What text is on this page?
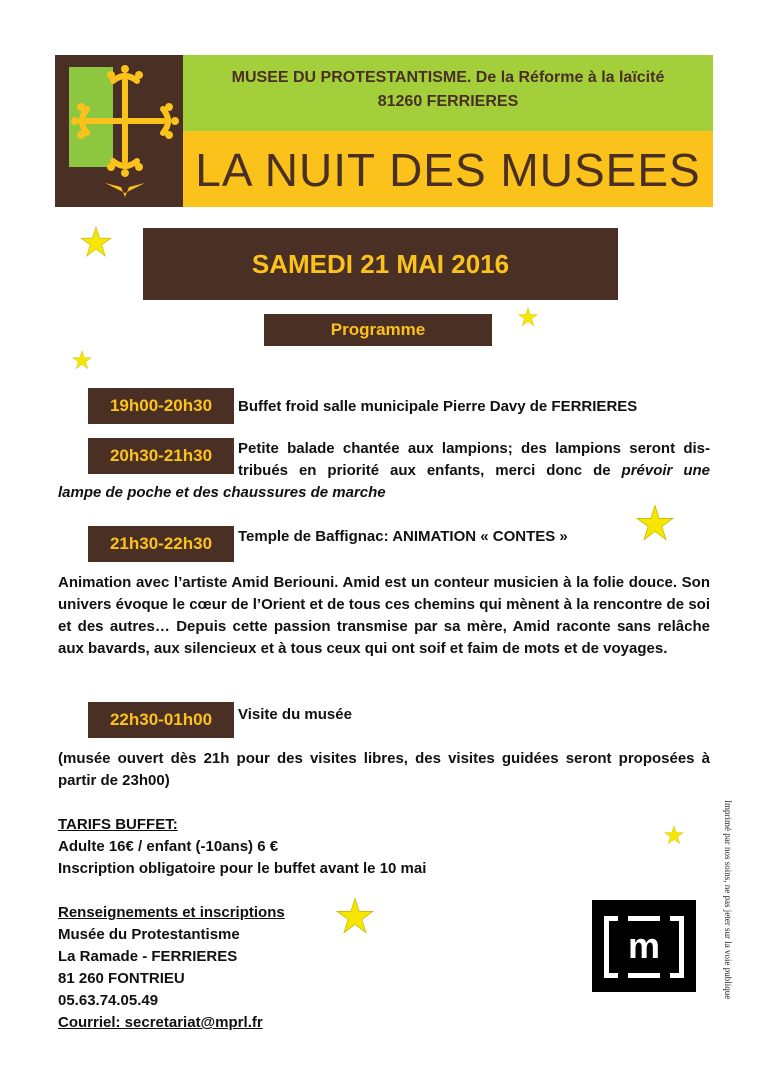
MUSEE DU PROTESTANTISME. De la Réforme à la laïcité
81260 FERRIERES
LA NUIT DES MUSEES
SAMEDI 21 MAI 2016
Programme
19h00-20h30	Buffet froid salle municipale Pierre Davy de FERRIERES
20h30-21h30	Petite balade chantée aux lampions; des lampions seront dis-
tribués en priorité aux enfants, merci donc de prévoir une
lampe de poche et des chaussures de marche
21h30-22h30	Temple de Baffignac: ANIMATION « CONTES »
Animation avec l’artiste Amid Beriouni. Amid est un conteur musicien à la folie douce. Son univers évoque le cœur de l’Orient et de tous ces chemins qui mènent à la rencontre de soi et des autres… Depuis cette passion transmise par sa mère, Amid raconte sans relâche aux bavards, aux silencieux et à tous ceux qui ont soif et faim de mots et de voyages.
22h30-01h00	Visite du musée
(musée ouvert dès 21h pour des visites libres, des visites guidées seront proposées à partir de 23h00)
TARIFS BUFFET:
Adulte 16€ / enfant (-10ans) 6 €
Inscription obligatoire pour le buffet avant le 10 mai
Renseignements et inscriptions
Musée du Protestantisme
La Ramade - FERRIERES
81 260 FONTRIEU
05.63.74.05.49
Courriel: secretariat@mprl.fr
m	Imprimé par nos soins, ne pas jeter sur la voie publique
